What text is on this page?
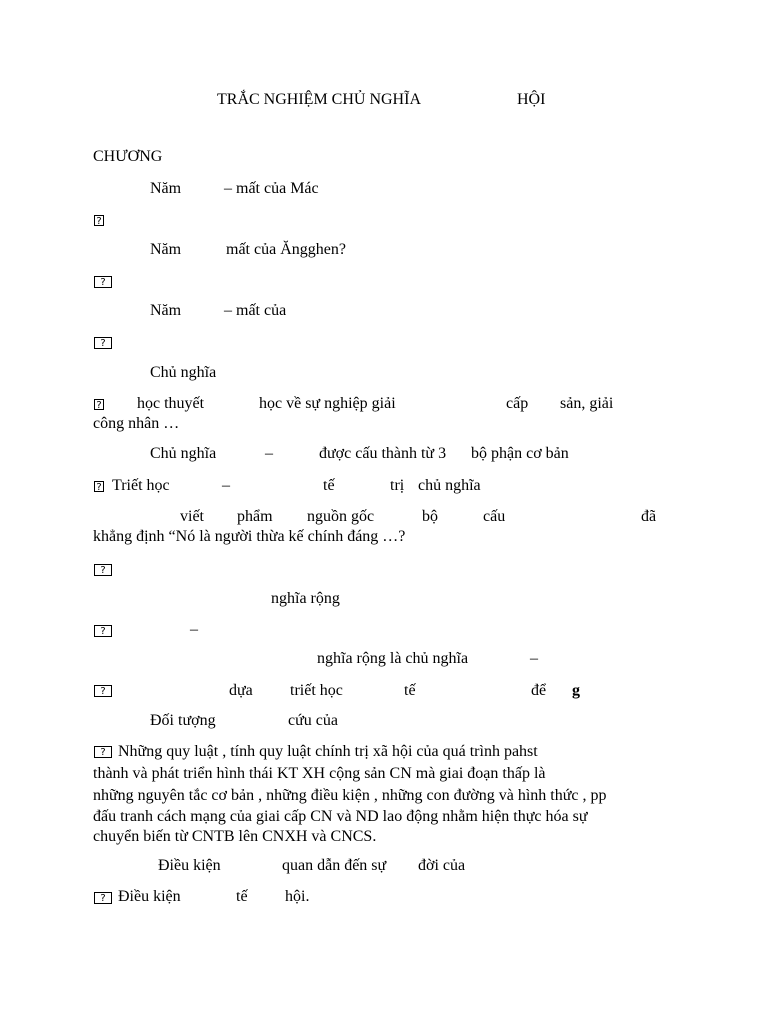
TRẮC NGHIỆM CHỦ NGHĨA	HỘI
CHƯƠNG
Năm	– mất của Mác
?
Năm	mất của Ăngghen?
?
Năm	– mất của
?
Chủ nghĩa
? học thuyết	học về sự nghiệp giải	cấp sản, giải
công nhân …
Chủ nghĩa	–	được cấu thành từ 3 bộ phận cơ bản
? Triết học	–	tế	trị chủ nghĩa
viết phẩm nguồn gốc	bộ	cấu	đã
khẳng định “Nó là người thừa kế chính đáng …?
?
nghĩa rộng
?	–
nghĩa rộng là chủ nghĩa	–
?	dựa triết học	tế	để g
Đối tượng	cứu của
? Những quy luật , tính quy luật chính trị xã hội của quá trình pahst
thành và phát triển hình thái KT XH cộng sản CN mà giai đoạn thấp là
những nguyên tắc cơ bản , những điều kiện , những con đường và hình thức , pp
đấu tranh cách mạng của giai cấp CN và ND lao động nhằm hiện thực hóa sự
chuyển biến từ CNTB lên CNXH và CNCS.
Điều kiện	quan dẫn đến sự đời của
? Điều kiện	tế hội.
